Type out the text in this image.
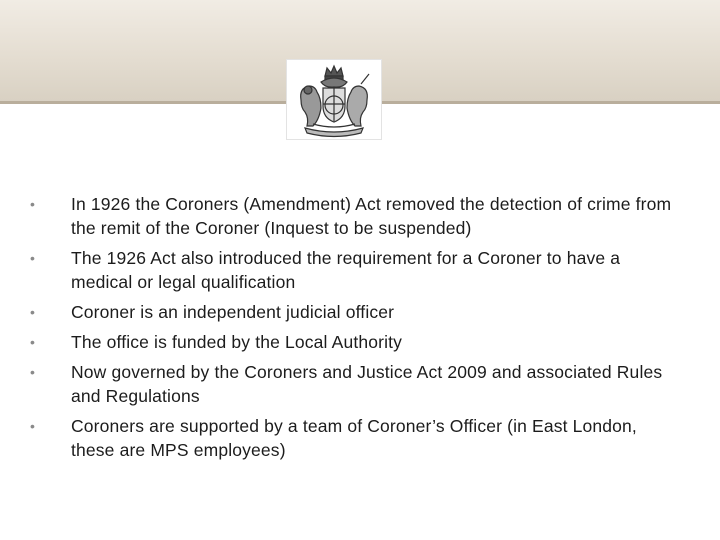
• In 1926 the Coroners (Amendment) Act removed the detection of crime from the remit of the Coroner (Inquest to be suspended)
• The 1926 Act also introduced the requirement for a Coroner to have a medical or legal qualification
• Coroner is an independent judicial officer
• The office is funded by the Local Authority
• Now governed by the Coroners and Justice Act 2009 and associated Rules and Regulations
• Coroners are supported by a team of Coroner’s Officer (in East London, these are MPS employees)
